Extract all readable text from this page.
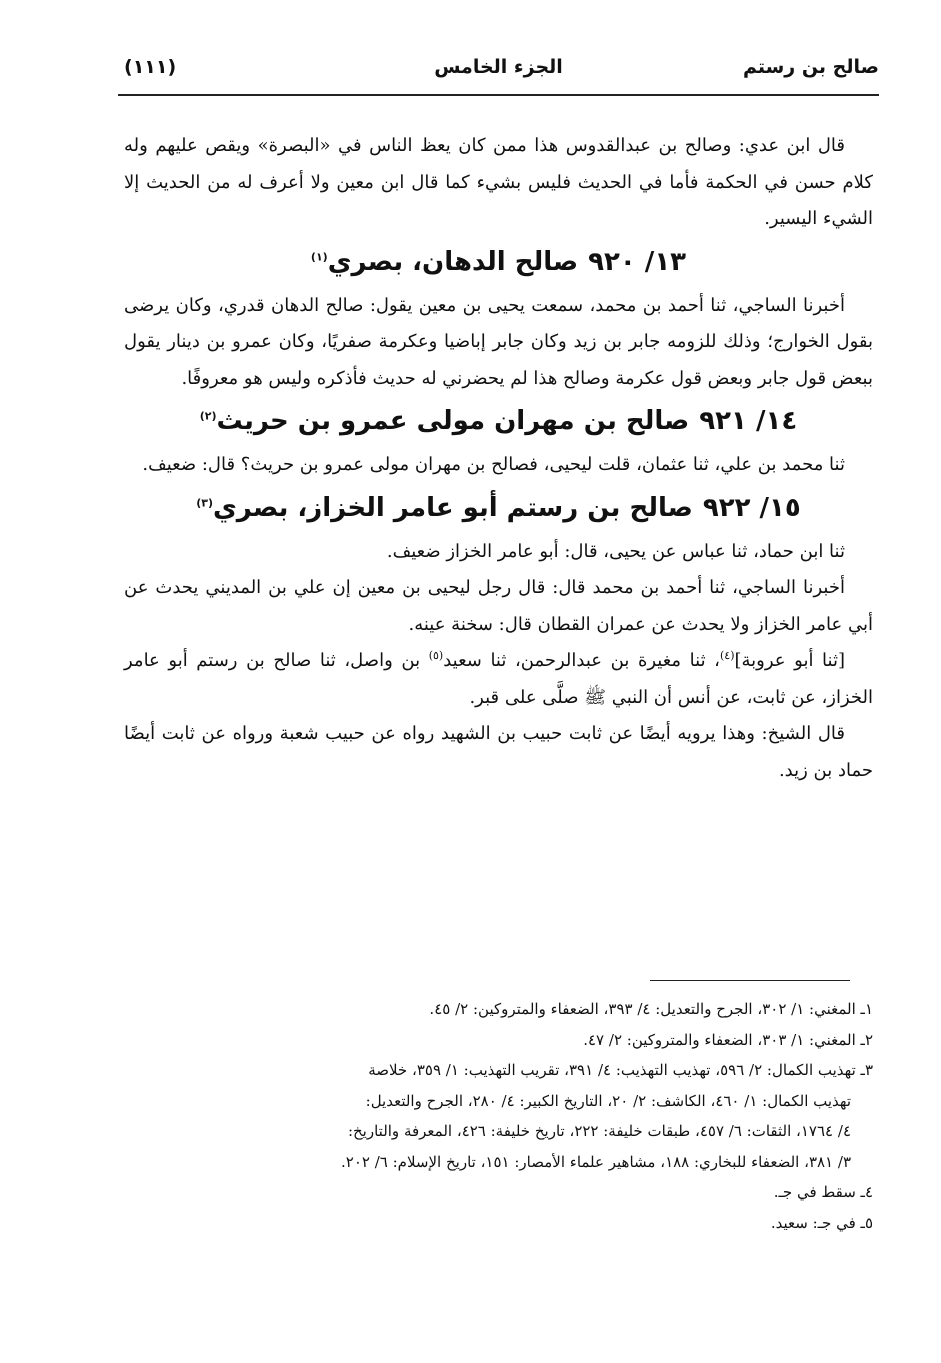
(١١١)	الجزء الخامس	صالح بن رستم

قال ابن عدي: وصالح بن عبدالقدوس هذا ممن كان يعظ الناس في «البصرة» ويقص عليهم وله كلام حسن في الحكمة فأما في الحديث فليس بشيء كما قال ابن معين ولا أعرف له من الحديث إلا الشيء اليسير.

١٣/ ٩٢٠صالح الدهان، بصري$^{(١)}$

أخبرنا الساجي، ثنا أحمد بن محمد، سمعت يحيى بن معين يقول: صالح الدهان قدري، وكان يرضى بقول الخوارج؛ وذلك للزومه جابر بن زيد وكان جابر إباضيا وعكرمة صفريًا، وكان عمرو بن دينار يقول ببعض قول جابر وبعض قول عكرمة وصالح هذا لم يحضرني له حديث فأذكره وليس هو معروفًا.

١٤/ ٩٢١صالح بن مهران مولى عمرو بن حريث$^{(٢)}$

ثنا محمد بن علي، ثنا عثمان، قلت ليحيى، فصالح بن مهران مولى عمرو بن حريث؟ قال: ضعيف.

١٥/ ٩٢٢صالح بن رستم أبو عامر الخزاز، بصري$^{(٣)}$

ثنا ابن حماد، ثنا عباس عن يحيى، قال: أبو عامر الخزاز ضعيف.

أخبرنا الساجي، ثنا أحمد بن محمد قال: قال رجل ليحيى بن معين إن علي بن المديني يحدث عن أبي عامر الخزاز ولا يحدث عن عمران القطان قال: سخنة عينه.

[ثنا أبو عروبة]$^{(٤)}$، ثنا مغيرة بن عبدالرحمن، ثنا سعيد$^{(٥)}$ بن واصل، ثنا صالح بن رستم أبو عامر الخزاز، عن ثابت، عن أنس أن النبي ﷺ صلَّى على قبر.

قال الشيخ: وهذا يرويه أيضًا عن ثابت حبيب بن الشهيد رواه عن حبيب شعبة ورواه عن ثابت أيضًا حماد بن زيد.

١ـ المغني: ١/ ٣٠٢، الجرح والتعديل: ٤/ ٣٩٣، الضعفاء والمتروكين: ٢/ ٤٥.

٢ـ المغني: ١/ ٣٠٣، الضعفاء والمتروكين: ٢/ ٤٧.

٣ـ تهذيب الكمال: ٢/ ٥٩٦، تهذيب التهذيب: ٤/ ٣٩١، تقريب التهذيب: ١/ ٣٥٩، خلاصة

تهذيب الكمال: ١/ ٤٦٠، الكاشف: ٢/ ٢٠، التاريخ الكبير: ٤/ ٢٨٠، الجرح والتعديل:

٤/ ١٧٦٤، الثقات: ٦/ ٤٥٧، طبقات خليفة: ٢٢٢، تاريخ خليفة: ٤٢٦، المعرفة والتاريخ:

٣/ ٣٨١، الضعفاء للبخاري: ١٨٨، مشاهير علماء الأمصار: ١٥١، تاريخ الإسلام: ٦/ ٢٠٢.

٤ـ سقط في جـ.

٥ـ في جـ: سعيد.
